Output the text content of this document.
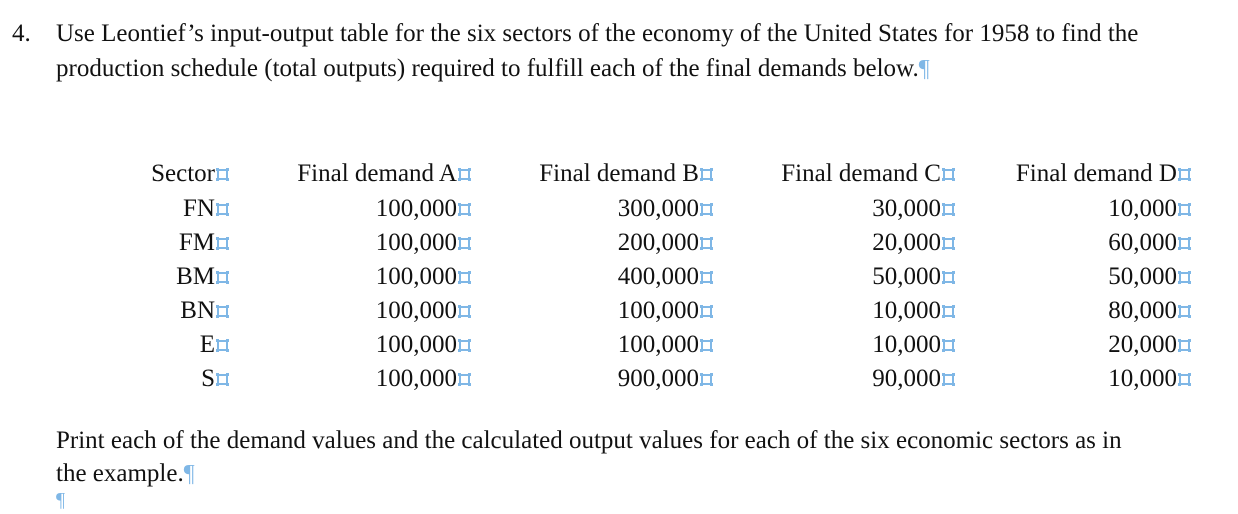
4.	Use Leontief’s input-output table for the six sectors of the economy of the United States for 1958 to find the production schedule (total outputs) required to fulfill each of the final demands below.¶
Sector	Final demand A	Final demand B	Final demand C	Final demand D
FN	100,000	300,000	30,000	10,000
FM	100,000	200,000	20,000	60,000
BM	100,000	400,000	50,000	50,000
BN	100,000	100,000	10,000	80,000
E	100,000	100,000	10,000	20,000
S	100,000	900,000	90,000	10,000
Print each of the demand values and the calculated output values for each of the six economic sectors as in the example.¶
¶
